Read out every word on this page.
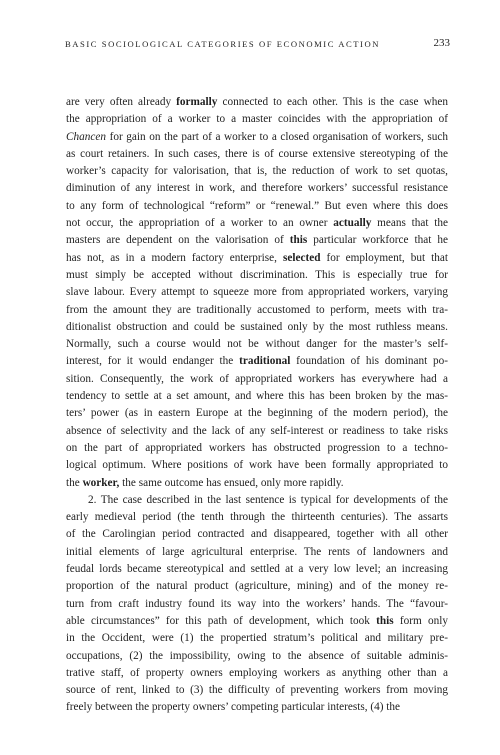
BASIC SOCIOLOGICAL CATEGORIES OF ECONOMIC ACTION	233
are very often already formally connected to each other. This is the case when
the appropriation of a worker to a master coincides with the appropriation of
Chancen for gain on the part of a worker to a closed organisation of workers, such
as court retainers. In such cases, there is of course extensive stereotyping of the
worker’s capacity for valorisation, that is, the reduction of work to set quotas,
diminution of any interest in work, and therefore workers’ successful resistance
to any form of technological “reform” or “renewal.” But even where this does
not occur, the appropriation of a worker to an owner actually means that the
masters are dependent on the valorisation of this particular workforce that he
has not, as in a modern factory enterprise, selected for employment, but that
must simply be accepted without discrimination. This is especially true for
slave labour. Every attempt to squeeze more from appropriated workers, varying
from the amount they are traditionally accustomed to perform, meets with tra-
ditionalist obstruction and could be sustained only by the most ruthless means.
Normally, such a course would not be without danger for the master’s self-
interest, for it would endanger the traditional foundation of his dominant po-
sition. Consequently, the work of appropriated workers has everywhere had a
tendency to settle at a set amount, and where this has been broken by the mas-
ters’ power (as in eastern Europe at the beginning of the modern period), the
absence of selectivity and the lack of any self-interest or readiness to take risks
on the part of appropriated workers has obstructed progression to a techno-
logical optimum. Where positions of work have been formally appropriated to
the worker, the same outcome has ensued, only more rapidly.
2. The case described in the last sentence is typical for developments of the
early medieval period (the tenth through the thirteenth centuries). The assarts
of the Carolingian period contracted and disappeared, together with all other
initial elements of large agricultural enterprise. The rents of landowners and
feudal lords became stereotypical and settled at a very low level; an increasing
proportion of the natural product (agriculture, mining) and of the money re-
turn from craft industry found its way into the workers’ hands. The “favour-
able circumstances” for this path of development, which took this form only
in the Occident, were (1) the propertied stratum’s political and military pre-
occupations, (2) the impossibility, owing to the absence of suitable adminis-
trative staff, of property owners employing workers as anything other than a
source of rent, linked to (3) the difficulty of preventing workers from moving
freely between the property owners’ competing particular interests, (4) the
